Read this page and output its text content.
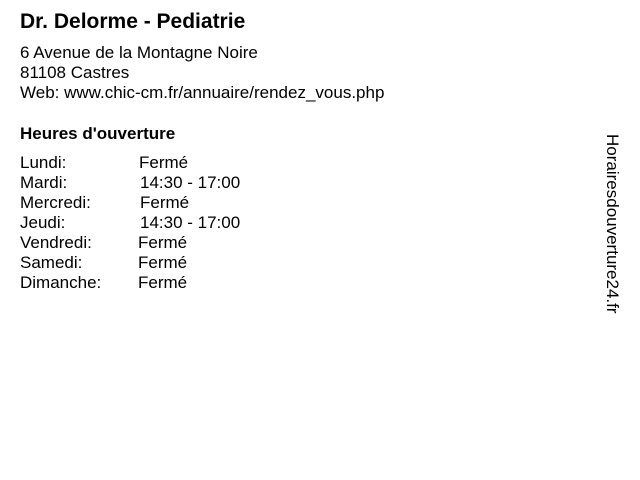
Dr. Delorme - Pediatrie
6 Avenue de la Montagne Noire
81108 Castres
Web: www.chic-cm.fr/annuaire/rendez_vous.php
Heures d'ouverture
Lundi:	Fermé
Mardi:	14:30 - 17:00
Mercredi:	Fermé
Jeudi:	14:30 - 17:00
Vendredi:	Fermé
Samedi:	Fermé
Dimanche: Fermé	Horairesdouverture24.fr
